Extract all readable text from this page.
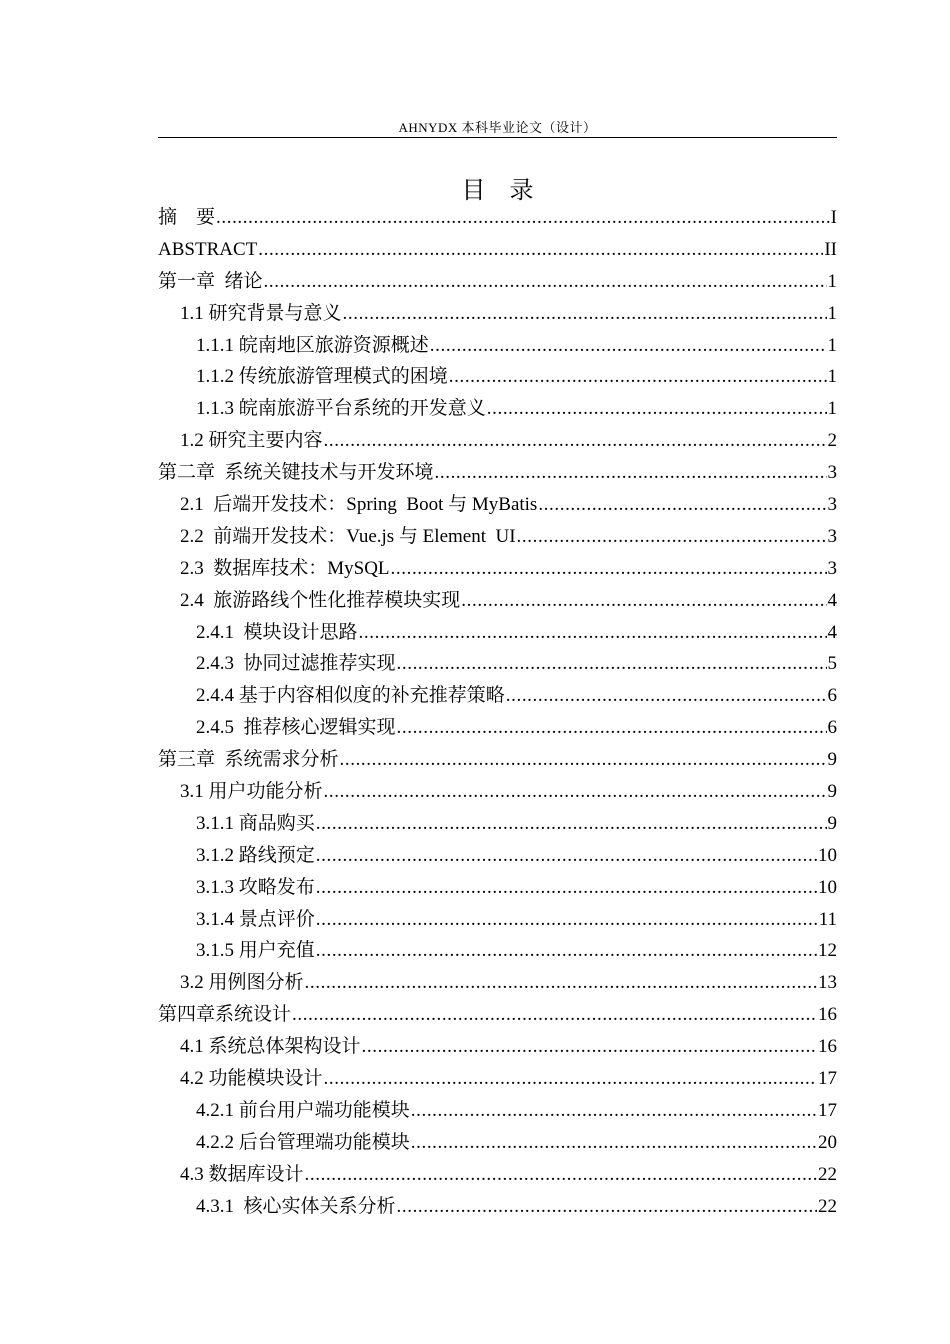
AHNYDX 本科毕业论文（设计）
目　录
摘　要 .....	I
ABSTRACT .....	II
第一章  绪论 .....	1
1.1 研究背景与意义 .....	1
1.1.1 皖南地区旅游资源概述 .....	1
1.1.2 传统旅游管理模式的困境 .....	1
1.1.3 皖南旅游平台系统的开发意义 .....	1
1.2 研究主要内容 .....	2
第二章  系统关键技术与开发环境 .....	3
2.1  后端开发技术：Spring  Boot 与 MyBatis .....	3
2.2  前端开发技术：Vue.js 与 Element  UI .....	3
2.3  数据库技术：MySQL .....	3
2.4  旅游路线个性化推荐模块实现 .....	4
2.4.1  模块设计思路 .....	4
2.4.3  协同过滤推荐实现 .....	5
2.4.4 基于内容相似度的补充推荐策略 .....	6
2.4.5  推荐核心逻辑实现 .....	6
第三章  系统需求分析 .....	9
3.1 用户功能分析 .....	9
3.1.1 商品购买 .....	9
3.1.2 路线预定 .....	10
3.1.3 攻略发布 .....	10
3.1.4 景点评价 .....	11
3.1.5 用户充值 .....	12
3.2 用例图分析 .....	13
第四章系统设计 .....	16
4.1 系统总体架构设计 .....	16
4.2 功能模块设计 .....	17
4.2.1 前台用户端功能模块 .....	17
4.2.2 后台管理端功能模块 .....	20
4.3 数据库设计 .....	22
4.3.1  核心实体关系分析 .....	22
